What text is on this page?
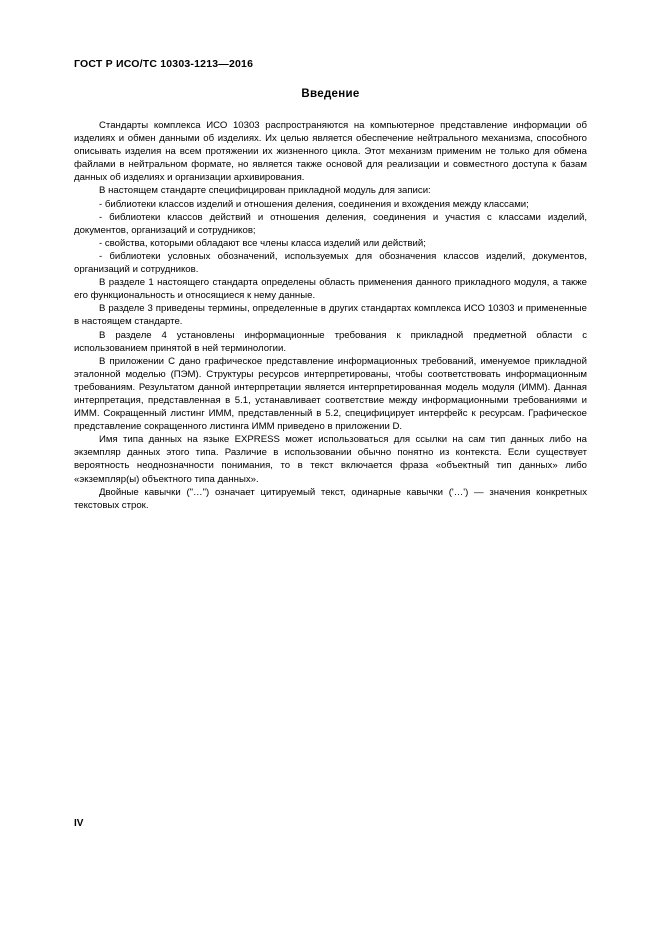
ГОСТ Р ИСО/ТС 10303-1213—2016
Введение

Стандарты комплекса ИСО 10303 распространяются на компьютерное представление информации об изделиях и обмен данными об изделиях. Их целью является обеспечение нейтрального механизма, способного описывать изделия на всем протяжении их жизненного цикла. Этот механизм применим не только для обмена файлами в нейтральном формате, но является также основой для реализации и совместного доступа к базам данных об изделиях и организации архивирования.

В настоящем стандарте специфицирован прикладной модуль для записи:

- библиотеки классов изделий и отношения деления, соединения и вхождения между классами;

- библиотеки классов действий и отношения деления, соединения и участия с классами изделий, документов, организаций и сотрудников;

- свойства, которыми обладают все члены класса изделий или действий;

- библиотеки условных обозначений, используемых для обозначения классов изделий, документов, организаций и сотрудников.

В разделе 1 настоящего стандарта определены область применения данного прикладного модуля, а также его функциональность и относящиеся к нему данные.

В разделе 3 приведены термины, определенные в других стандартах комплекса ИСО 10303 и примененные в настоящем стандарте.

В разделе 4 установлены информационные требования к прикладной предметной области с использованием принятой в ней терминологии.

В приложении С дано графическое представление информационных требований, именуемое прикладной эталонной моделью (ПЭМ). Структуры ресурсов интерпретированы, чтобы соответствовать информационным требованиям. Результатом данной интерпретации является интерпретированная модель модуля (ИММ). Данная интерпретация, представленная в 5.1, устанавливает соответствие между информационными требованиями и ИММ. Сокращенный листинг ИММ, представленный в 5.2, специфицирует интерфейс к ресурсам. Графическое представление сокращенного листинга ИММ приведено в приложении D.

Имя типа данных на языке EXPRESS может использоваться для ссылки на сам тип данных либо на экземпляр данных этого типа. Различие в использовании обычно понятно из контекста. Если существует вероятность неоднозначности понимания, то в текст включается фраза «объектный тип данных» либо «экземпляр(ы) объектного типа данных».

Двойные кавычки ("…") означает цитируемый текст, одинарные кавычки ('…') — значения конкретных текстовых строк.

IV
